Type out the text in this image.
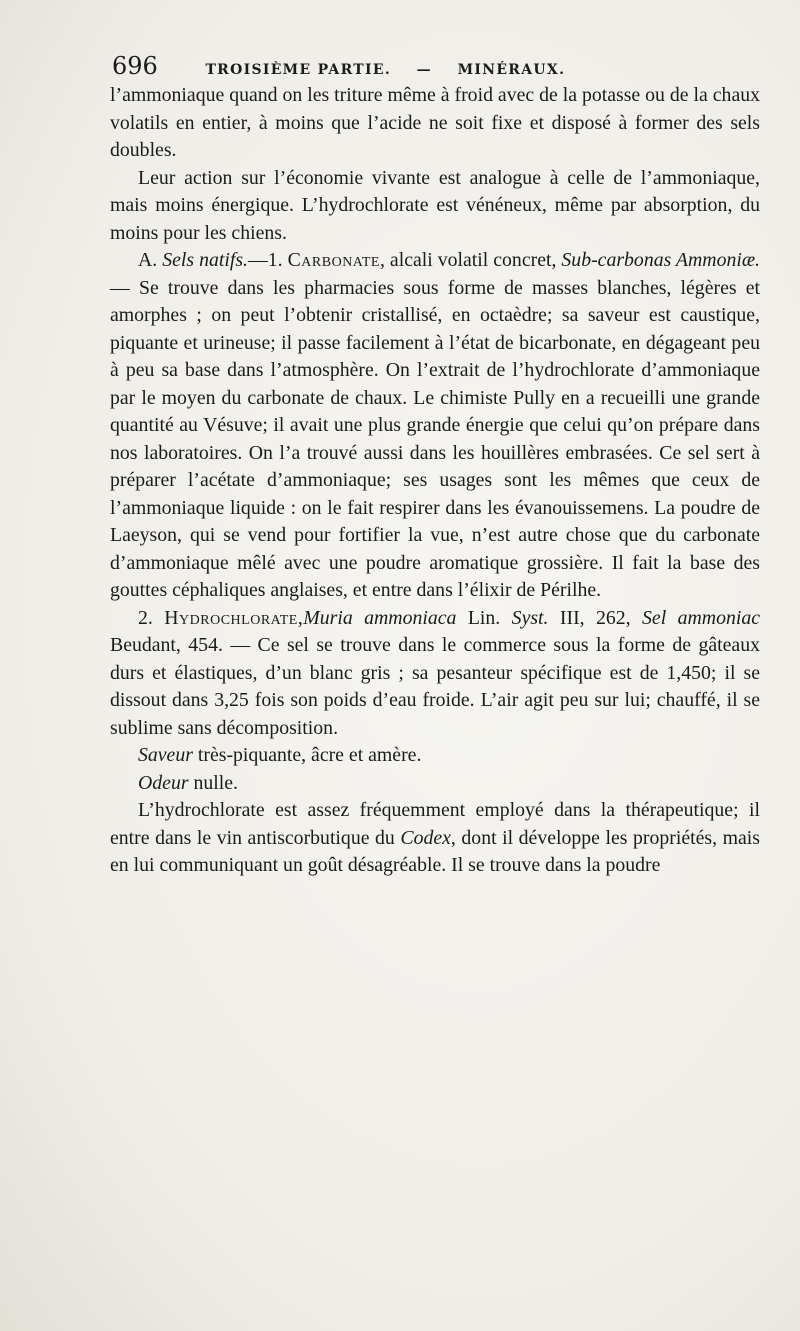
696	TROISIÈME PARTIE. — MINÉRAUX.

l’ammoniaque quand on les triture même à froid avec de la potasse ou de la chaux volatils en entier, à moins que l’acide ne soit fixe et disposé à former des sels doubles.

Leur action sur l’économie vivante est analogue à celle de l’ammoniaque, mais moins énergique. L’hydrochlorate est vénéneux, même par absorption, du moins pour les chiens.

A. Sels natifs.—1. Carbonate, alcali volatil concret, Sub-carbonas Ammoniæ. — Se trouve dans les pharmacies sous forme de masses blanches, légères et amorphes ; on peut l’obtenir cristallisé, en octaèdre; sa saveur est caustique, piquante et urineuse; il passe facilement à l’état de bicarbonate, en dégageant peu à peu sa base dans l’atmosphère. On l’extrait de l’hydrochlorate d’ammoniaque par le moyen du carbonate de chaux. Le chimiste Pully en a recueilli une grande quantité au Vésuve; il avait une plus grande énergie que celui qu’on prépare dans nos laboratoires. On l’a trouvé aussi dans les houillères embrasées. Ce sel sert à préparer l’acétate d’ammoniaque; ses usages sont les mêmes que ceux de l’ammoniaque liquide : on le fait respirer dans les évanouissemens. La poudre de Laeyson, qui se vend pour fortifier la vue, n’est autre chose que du carbonate d’ammoniaque mêlé avec une poudre aromatique grossière. Il fait la base des gouttes céphaliques anglaises, et entre dans l’élixir de Périlhe.

2. Hydrochlorate,Muria ammoniaca Lin. Syst. III, 262, Sel ammoniac Beudant, 454. — Ce sel se trouve dans le commerce sous la forme de gâteaux durs et élastiques, d’un blanc gris ; sa pesanteur spécifique est de 1,450; il se dissout dans 3,25 fois son poids d’eau froide. L’air agit peu sur lui; chauffé, il se sublime sans décomposition.

Saveur très-piquante, âcre et amère.

Odeur nulle.

L’hydrochlorate est assez fréquemment employé dans la thérapeutique; il entre dans le vin antiscorbutique du Codex, dont il développe les propriétés, mais en lui communiquant un goût désagréable. Il se trouve dans la poudre
